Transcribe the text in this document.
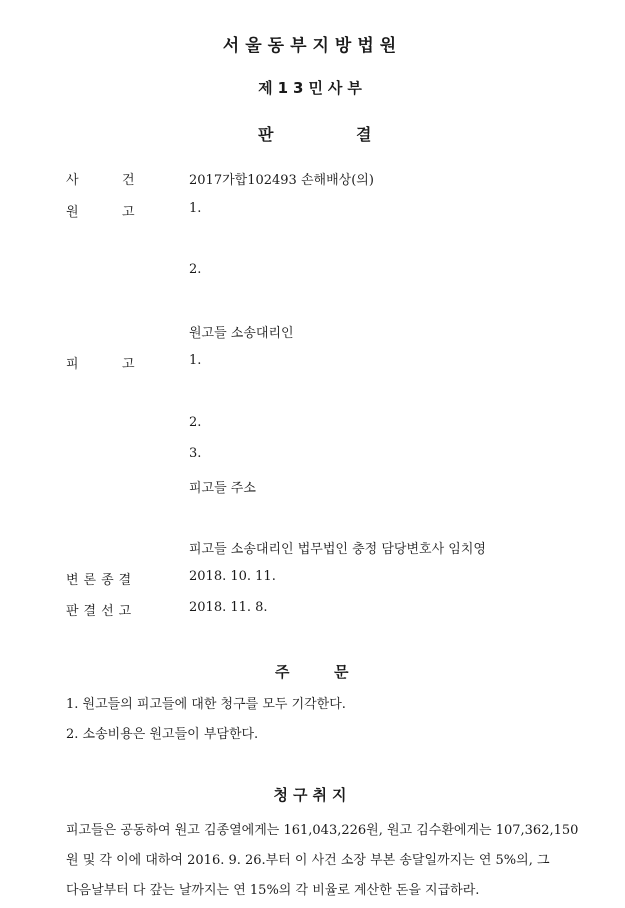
서울동부지방법원
제13민사부
판	결
사	건	2017가합102493 손해배상(의)
원	고	1.
2.
원고들 소송대리인
피	고	1.
2.
3.
피고들 주소
피고들 소송대리인 법무법인 충정 담당변호사 임치영
변론종결	2018. 10. 11.
판결선고	2018. 11. 8.
주	문
1. 원고들의 피고들에 대한 청구를 모두 기각한다.
2. 소송비용은 원고들이 부담한다.
청구취지
피고들은 공동하여 원고 김종열에게는 161,043,226원, 원고 김수환에게는 107,362,150
원 및 각 이에 대하여 2016. 9. 26.부터 이 사건 소장 부본 송달일까지는 연 5%의, 그
다음날부터 다 갚는 날까지는 연 15%의 각 비율로 계산한 돈을 지급하라.
